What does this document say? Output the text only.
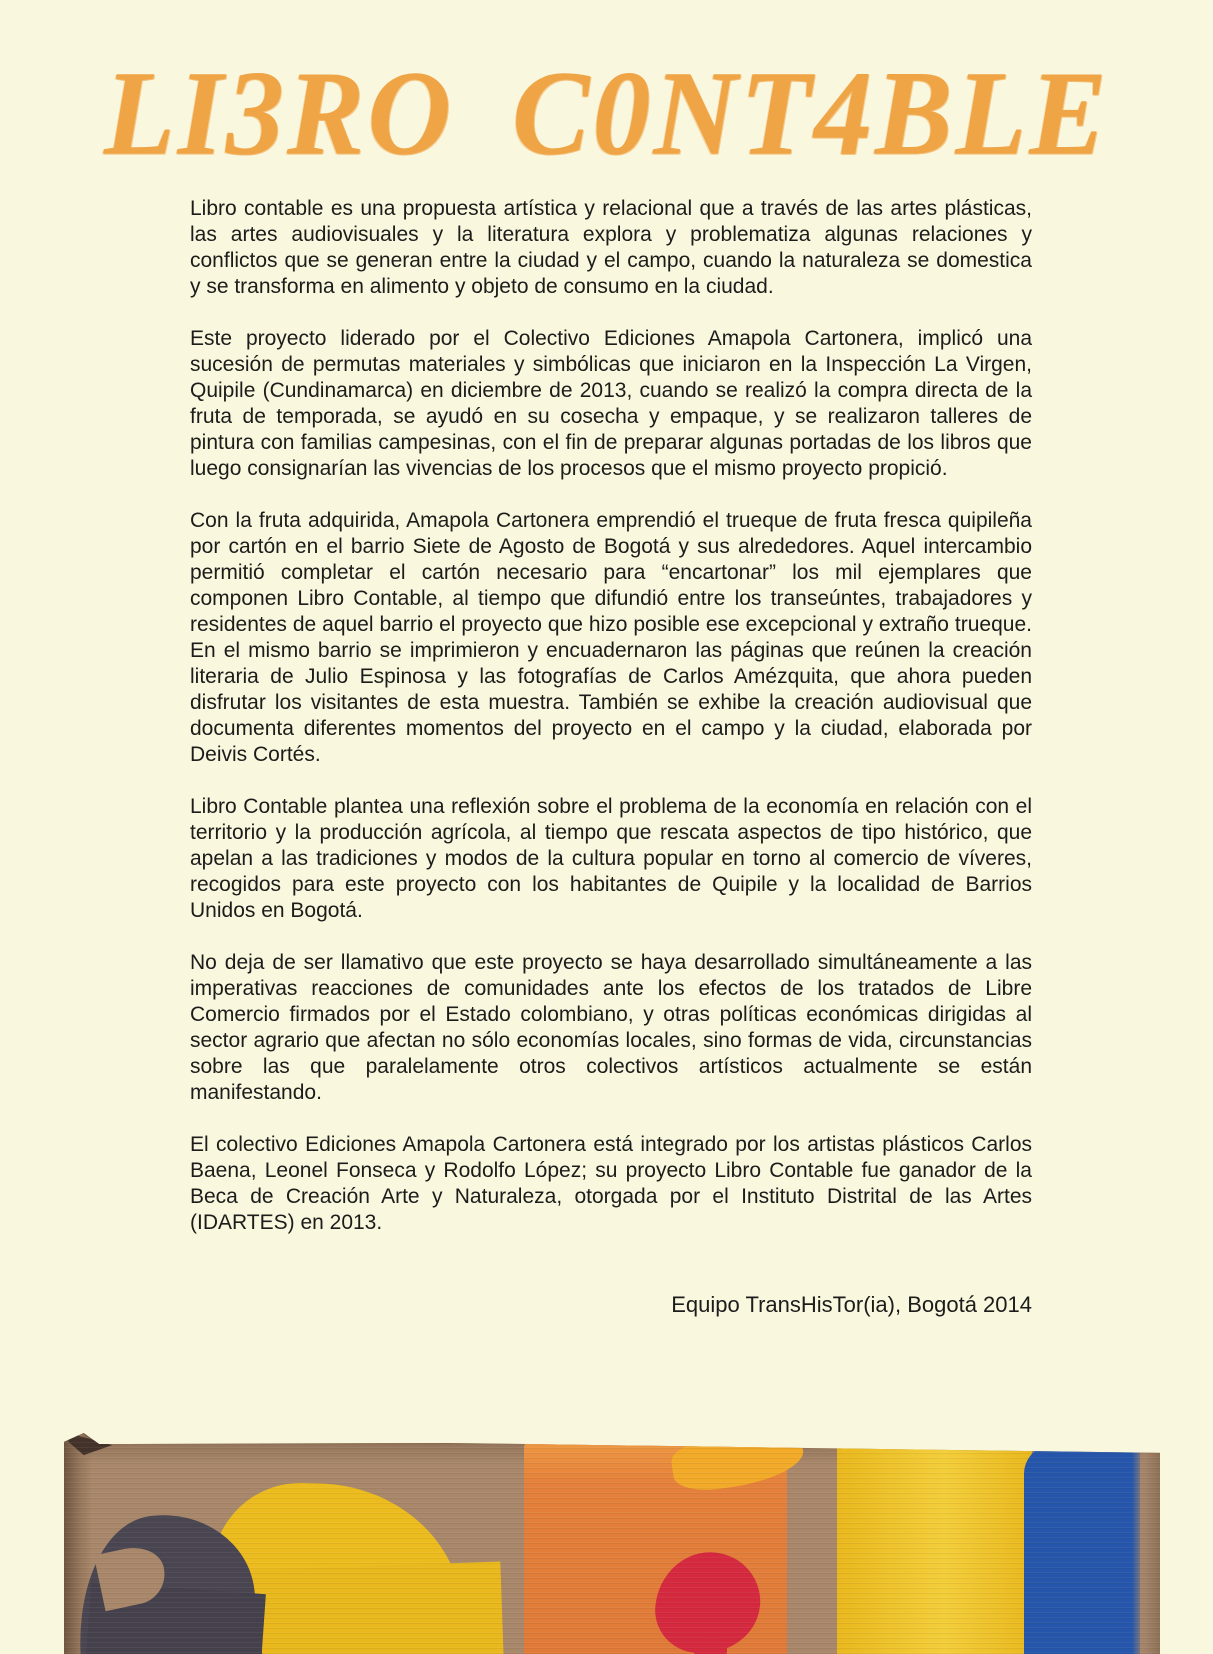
LI3RO C0NT4BLE

Libro contable es una propuesta artística y relacional que a través de las artes plásticas, las artes audiovisuales y la literatura explora y problematiza algunas relaciones y conflictos que se generan entre la ciudad y el campo, cuando la naturaleza se domestica y se transforma en alimento y objeto de consumo en la ciudad.

Este proyecto liderado por el Colectivo Ediciones Amapola Cartonera, implicó una sucesión de permutas materiales y simbólicas que iniciaron en la Inspección La Virgen, Quipile (Cundinamarca) en diciembre de 2013, cuando se realizó la compra directa de la fruta de temporada, se ayudó en su cosecha y empaque, y se realizaron talleres de pintura con familias campesinas, con el fin de preparar algunas portadas de los libros que luego consignarían las vivencias de los procesos que el mismo proyecto propició.

Con la fruta adquirida, Amapola Cartonera emprendió el trueque de fruta fresca quipileña por cartón en el barrio Siete de Agosto de Bogotá y sus alrededores. Aquel intercambio permitió completar el cartón necesario para “encartonar” los mil ejemplares que componen Libro Contable, al tiempo que difundió entre los transeúntes, trabajadores y residentes de aquel barrio el proyecto que hizo posible ese excepcional y extraño trueque. En el mismo barrio se imprimieron y encuadernaron las páginas que reúnen la creación literaria de Julio Espinosa y las fotografías de Carlos Amézquita, que ahora pueden disfrutar los visitantes de esta muestra. También se exhibe la creación audiovisual que documenta diferentes momentos del proyecto en el campo y la ciudad, elaborada por Deivis Cortés.

Libro Contable plantea una reflexión sobre el problema de la economía en relación con el territorio y la producción agrícola, al tiempo que rescata aspectos de tipo histórico, que apelan a las tradiciones y modos de la cultura popular en torno al comercio de víveres, recogidos para este proyecto con los habitantes de Quipile y la localidad de Barrios Unidos en Bogotá.

No deja de ser llamativo que este proyecto se haya desarrollado simultáneamente a las imperativas reacciones de comunidades ante los efectos de los tratados de Libre Comercio firmados por el Estado colombiano, y otras políticas económicas dirigidas al sector agrario que afectan no sólo economías locales, sino formas de vida, circunstancias sobre las que paralelamente otros colectivos artísticos actualmente se están manifestando.

El colectivo Ediciones Amapola Cartonera está integrado por los artistas plásticos Carlos Baena, Leonel Fonseca y Rodolfo López; su proyecto Libro Contable fue ganador de la Beca de Creación Arte y Naturaleza, otorgada por el Instituto Distrital de las Artes (IDARTES) en 2013.

Equipo TransHisTor(ia), Bogotá 2014
